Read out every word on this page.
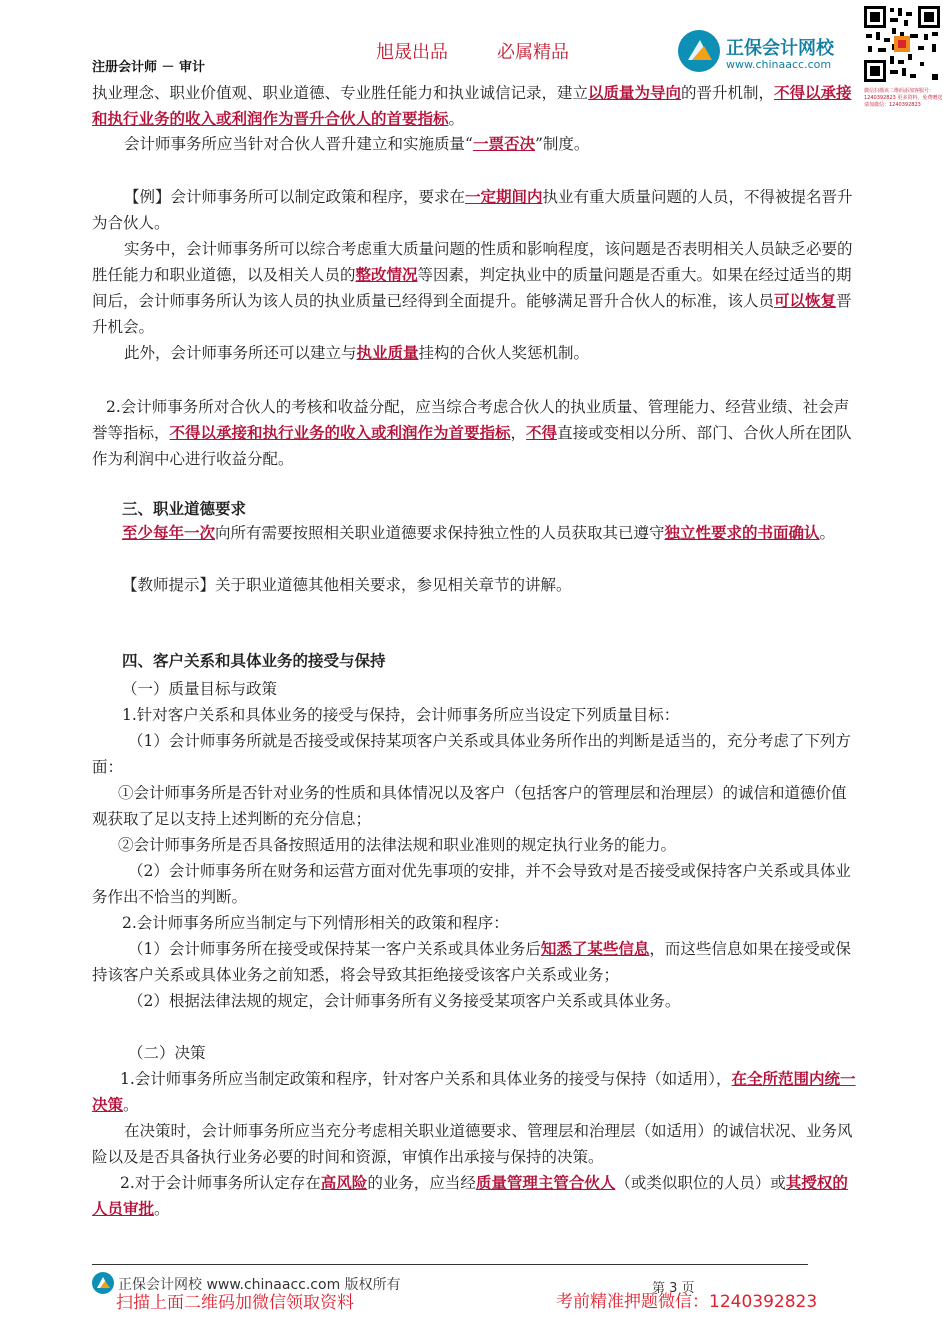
旭晟出品	必属精品
注册会计师 － 审计
正保会计网校
www.chinaacc.com
微信扫描该二维码添加客服号：1240392823 更多资料，免费赠送请加微信：1240392823
执业理念、职业价值观、职业道德、专业胜任能力和执业诚信记录，建立以质量为导向的晋升机制，不得以承接和执行业务的收入或利润作为晋升合伙人的首要指标。
会计师事务所应当针对合伙人晋升建立和实施质量“一票否决”制度。
【例】会计师事务所可以制定政策和程序，要求在一定期间内执业有重大质量问题的人员，不得被提名晋升为合伙人。
实务中，会计师事务所可以综合考虑重大质量问题的性质和影响程度，该问题是否表明相关人员缺乏必要的胜任能力和职业道德，以及相关人员的整改情况等因素，判定执业中的质量问题是否重大。如果在经过适当的期间后，会计师事务所认为该人员的执业质量已经得到全面提升。能够满足晋升合伙人的标准，该人员可以恢复晋升机会。
此外，会计师事务所还可以建立与执业质量挂构的合伙人奖惩机制。
2.会计师事务所对合伙人的考核和收益分配，应当综合考虑合伙人的执业质量、管理能力、经营业绩、社会声誉等指标，不得以承接和执行业务的收入或利润作为首要指标，不得直接或变相以分所、部门、合伙人所在团队作为利润中心进行收益分配。
三、职业道德要求
至少每年一次向所有需要按照相关职业道德要求保持独立性的人员获取其已遵守独立性要求的书面确认。
【教师提示】关于职业道德其他相关要求，参见相关章节的讲解。
四、客户关系和具体业务的接受与保持
（一）质量目标与政策
1.针对客户关系和具体业务的接受与保持，会计师事务所应当设定下列质量目标：
（1）会计师事务所就是否接受或保持某项客户关系或具体业务所作出的判断是适当的，充分考虑了下列方面：
①会计师事务所是否针对业务的性质和具体情况以及客户（包括客户的管理层和治理层）的诚信和道德价值观获取了足以支持上述判断的充分信息；
②会计师事务所是否具备按照适用的法律法规和职业准则的规定执行业务的能力。
（2）会计师事务所在财务和运营方面对优先事项的安排，并不会导致对是否接受或保持客户关系或具体业务作出不恰当的判断。
2.会计师事务所应当制定与下列情形相关的政策和程序：
（1）会计师事务所在接受或保持某一客户关系或具体业务后知悉了某些信息，而这些信息如果在接受或保持该客户关系或具体业务之前知悉，将会导致其拒绝接受该客户关系或业务；
（2）根据法律法规的规定，会计师事务所有义务接受某项客户关系或具体业务。
（二）决策
1.会计师事务所应当制定政策和程序，针对客户关系和具体业务的接受与保持（如适用），在全所范围内统一决策。
在决策时，会计师事务所应当充分考虑相关职业道德要求、管理层和治理层（如适用）的诚信状况、业务风险以及是否具备执行业务必要的时间和资源，审慎作出承接与保持的决策。
2.对于会计师事务所认定存在高风险的业务，应当经质量管理主管合伙人（或类似职位的人员）或其授权的人员审批。
正保会计网校 www.chinaacc.com 版权所有	第 3 页
扫描上面二维码加微信领取资料	考前精准押题微信：1240392823
